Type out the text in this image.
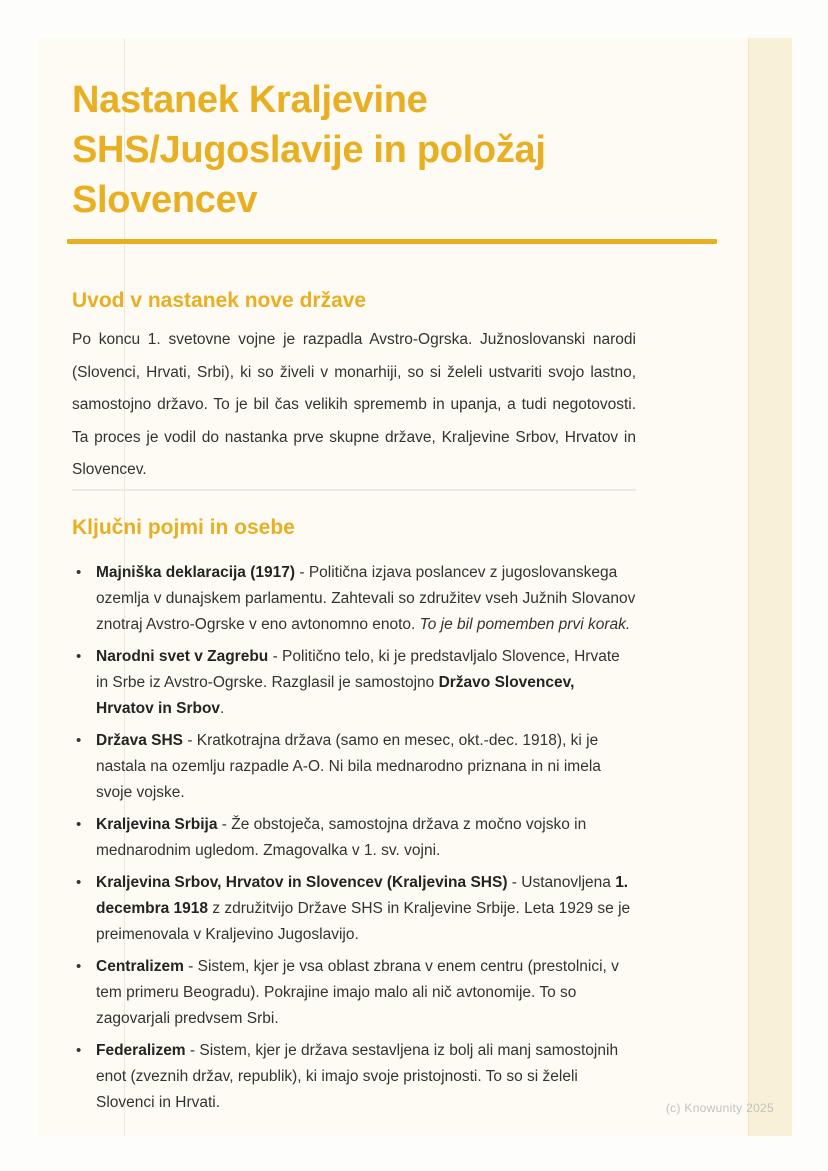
Nastanek Kraljevine
SHS/Jugoslavije in položaj
Slovencev
Uvod v nastanek nove države
Po koncu 1. svetovne vojne je razpadla Avstro-Ogrska. Južnoslovanski narodi (Slovenci, Hrvati, Srbi), ki so živeli v monarhiji, so si želeli ustvariti svojo lastno, samostojno državo. To je bil čas velikih sprememb in upanja, a tudi negotovosti. Ta proces je vodil do nastanka prve skupne države, Kraljevine Srbov, Hrvatov in Slovencev.
Ključni pojmi in osebe
• Majniška deklaracija (1917) - Politična izjava poslancev z jugoslovanskega ozemlja v dunajskem parlamentu. Zahtevali so združitev vseh Južnih Slovanov znotraj Avstro-Ogrske v eno avtonomno enoto. To je bil pomemben prvi korak.
• Narodni svet v Zagrebu - Politično telo, ki je predstavljalo Slovence, Hrvate in Srbe iz Avstro-Ogrske. Razglasil je samostojno Državo Slovencev, Hrvatov in Srbov.
• Država SHS - Kratkotrajna država (samo en mesec, okt.-dec. 1918), ki je nastala na ozemlju razpadle A-O. Ni bila mednarodno priznana in ni imela svoje vojske.
• Kraljevina Srbija - Že obstoječa, samostojna država z močno vojsko in mednarodnim ugledom. Zmagovalka v 1. sv. vojni.
• Kraljevina Srbov, Hrvatov in Slovencev (Kraljevina SHS) - Ustanovljena 1. decembra 1918 z združitvijo Države SHS in Kraljevine Srbije. Leta 1929 se je preimenovala v Kraljevino Jugoslavijo.
• Centralizem - Sistem, kjer je vsa oblast zbrana v enem centru (prestolnici, v tem primeru Beogradu). Pokrajine imajo malo ali nič avtonomije. To so zagovarjali predvsem Srbi.
• Federalizem - Sistem, kjer je država sestavljena iz bolj ali manj samostojnih enot (zveznih držav, republik), ki imajo svoje pristojnosti. To so si želeli Slovenci in Hrvati.	(c) Knowunity 2025
